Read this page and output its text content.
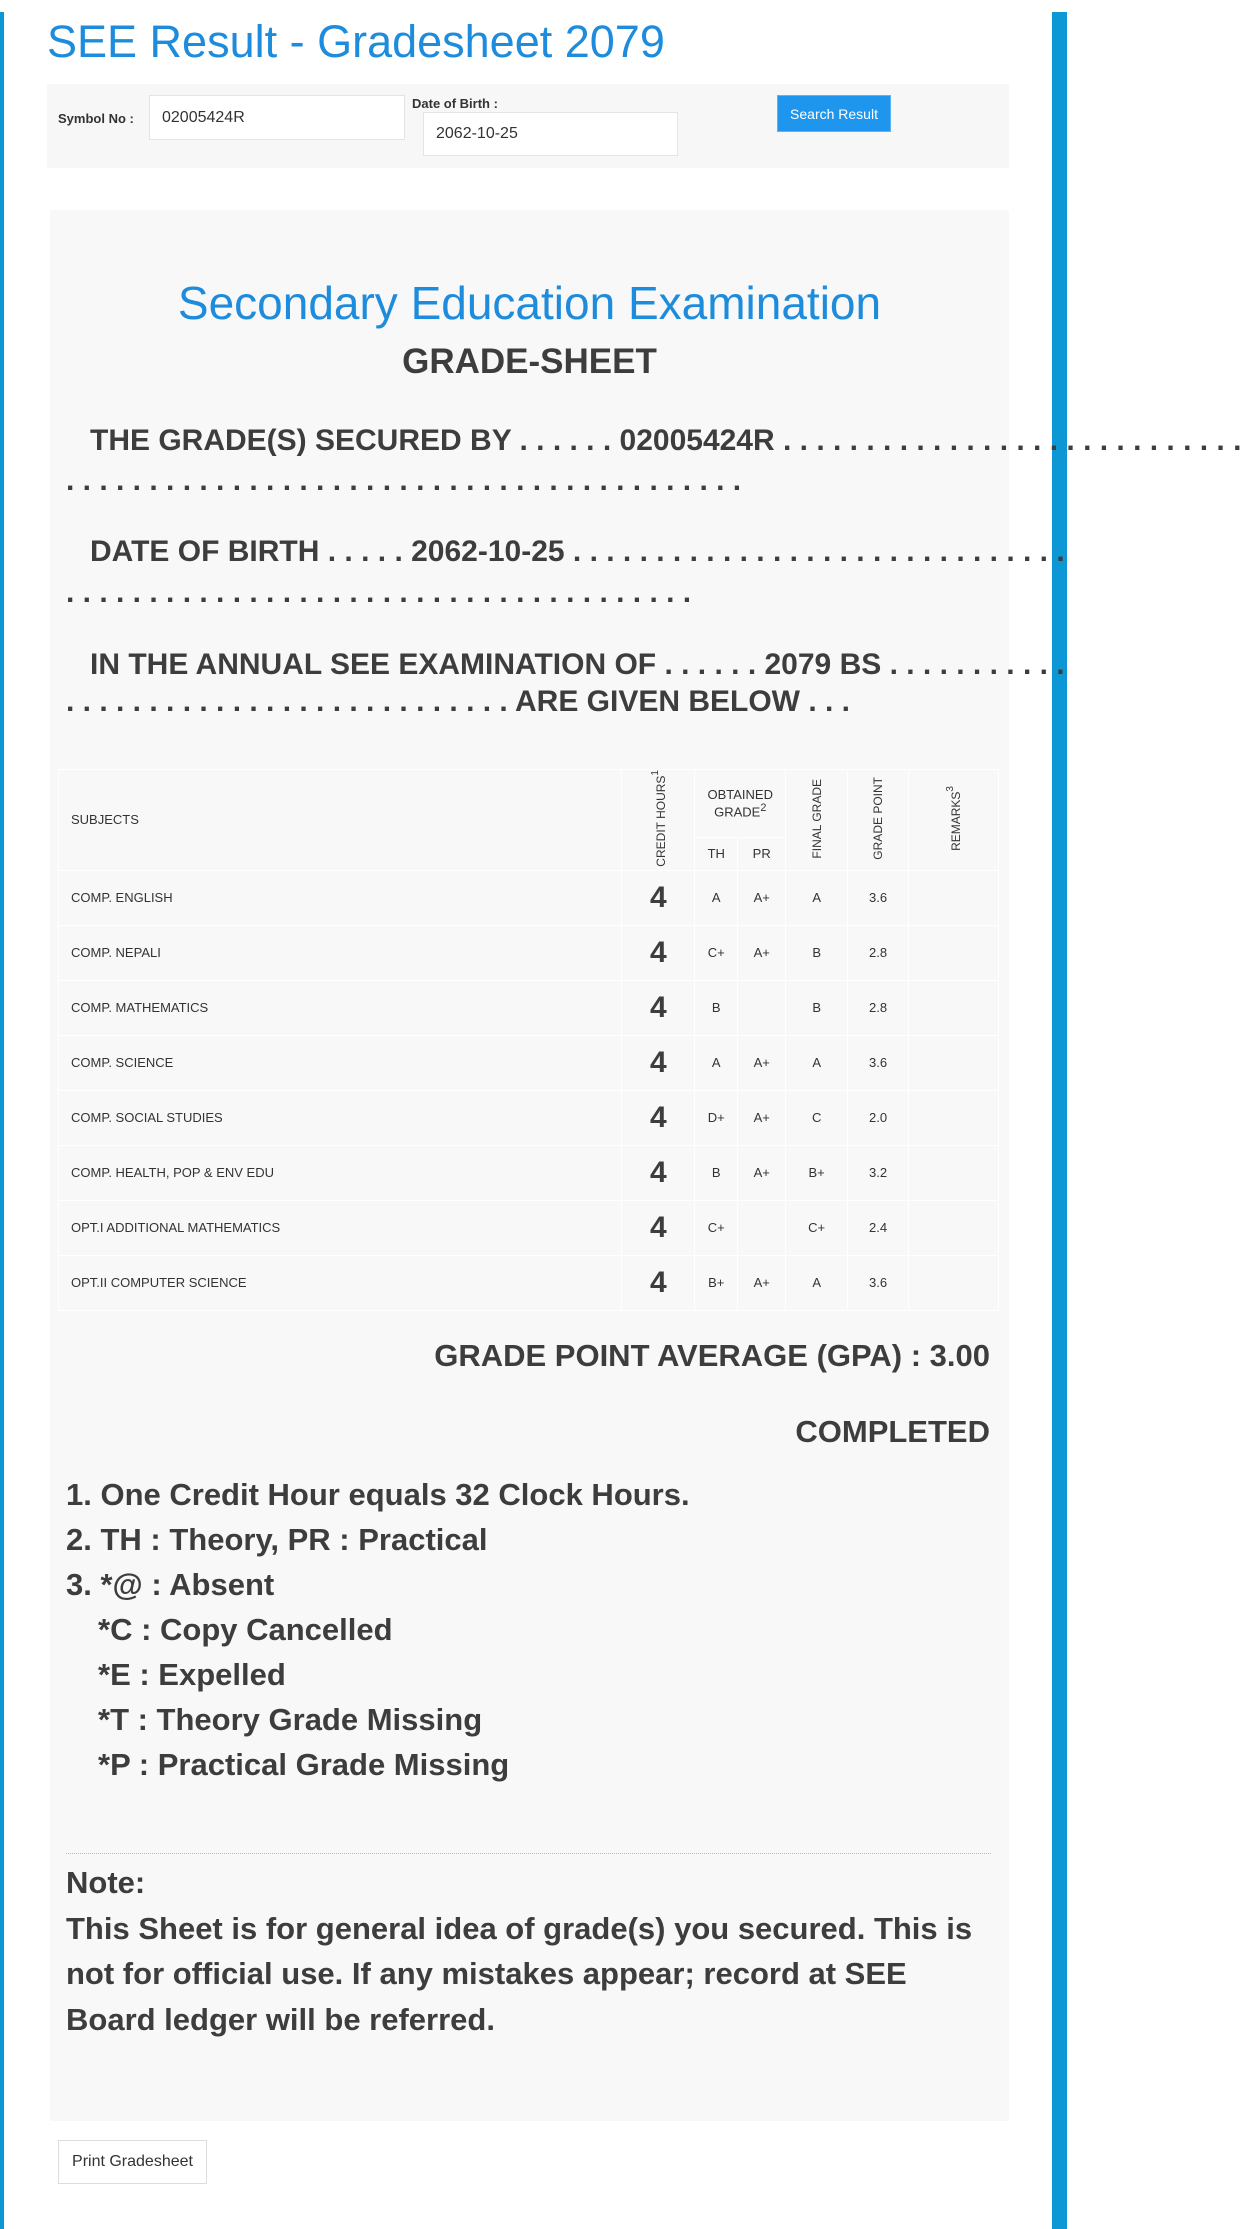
SEE Result - Gradesheet 2079
Symbol No :	02005424R
Date of Birth :
2062-10-25
Search Result
Secondary Education Examination
GRADE-SHEET
THE GRADE(S) SECURED BY . . . . . . 02005424R . . . . . . . . . . . . . . . . . . . . . . . . . . . .
. . . . . . . . . . . . . . . . . . . . . . . . . . . . . . . . . . . . . . . . .
DATE OF BIRTH . . . . . 2062-10-25 . . . . . . . . . . . . . . . . . . . . . . . . . . . . . .
. . . . . . . . . . . . . . . . . . . . . . . . . . . . . . . . . . . . . .
IN THE ANNUAL SEE EXAMINATION OF . . . . . . 2079 BS . . . . . . . . . . .
. . . . . . . . . . . . . . . . . . . . . . . . . . . ARE GIVEN BELOW . . .
SUBJECTS	CREDIT HOURS$^1$	OBTAINED GRADE$^2$		FINAL GRADE	GRADE POINT	REMARKS$^3$
		TH	PR			
COMP. ENGLISH	4	A	A+	A	3.6	
COMP. NEPALI	4	C+	A+	B	2.8	
COMP. MATHEMATICS	4	B		B	2.8	
COMP. SCIENCE	4	A	A+	A	3.6	
COMP. SOCIAL STUDIES	4	D+	A+	C	2.0	
COMP. HEALTH, POP & ENV EDU	4	B	A+	B+	3.2	
OPT.I ADDITIONAL MATHEMATICS	4	C+		C+	2.4	
OPT.II COMPUTER SCIENCE	4	B+	A+	A	3.6	
GRADE POINT AVERAGE (GPA) : 3.00
COMPLETED
1. One Credit Hour equals 32 Clock Hours.
2. TH : Theory, PR : Practical
3. *@ : Absent
*C : Copy Cancelled
*E : Expelled
*T : Theory Grade Missing
*P : Practical Grade Missing
Note:
This Sheet is for general idea of grade(s) you secured. This is not for official use. If any mistakes appear; record at SEE Board ledger will be referred.
Print Gradesheet
